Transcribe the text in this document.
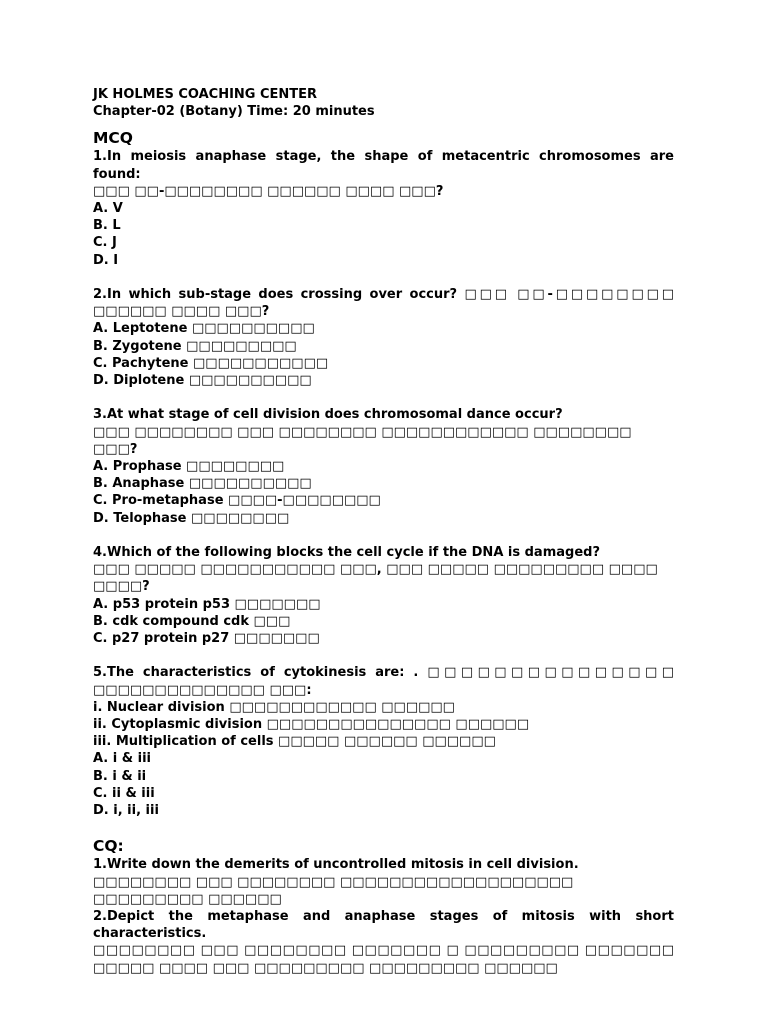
JK HOLMES COACHING CENTER
Chapter-02 (Botany) Time: 20 minutes
MCQ
1.In meiosis anaphase stage, the shape of metacentric chromosomes are found:
□□□ □□-□□□□□□□□ □□□□□□ □□□□ □□□?
A. V
B. L
C. J
D. I
2.In which sub-stage does crossing over occur? □□□ □□-□□□□□□□□ □□□□□□ □□□□ □□□?
A. Leptotene □□□□□□□□□□
B. Zygotene □□□□□□□□□
C. Pachytene □□□□□□□□□□□
D. Diplotene □□□□□□□□□□
3.At what stage of cell division does chromosomal dance occur?
□□□ □□□□□□□□ □□□ □□□□□□□□ □□□□□□□□□□□□ □□□□□□□□ □□□?
A. Prophase □□□□□□□□
B. Anaphase □□□□□□□□□□
C. Pro-metaphase □□□□-□□□□□□□□
D. Telophase □□□□□□□□
4.Which of the following blocks the cell cycle if the DNA is damaged?
□□□ □□□□□ □□□□□□□□□□□ □□□, □□□ □□□□□ □□□□□□□□□ □□□□ □□□□?
A. p53 protein p53 □□□□□□□
B. cdk compound cdk □□□
C. p27 protein p27 □□□□□□□
5.The characteristics of cytokinesis are: . □□□□□□□□□□□□□□□ □□□□□□□□□□□□□□ □□□:
i. Nuclear division □□□□□□□□□□□□ □□□□□□
ii. Cytoplasmic division □□□□□□□□□□□□□□□ □□□□□□
iii. Multiplication of cells □□□□□ □□□□□□ □□□□□□
A. i & iii
B. i & ii
C. ii & iii
D. i, ii, iii
CQ:
1.Write down the demerits of uncontrolled mitosis in cell division.
□□□□□□□□ □□□ □□□□□□□□ □□□□□□□□□□□□□□□□□□□ □□□□□□□□□ □□□□□□
2.Depict the metaphase and anaphase stages of mitosis with short characteristics.
□□□□□□□□ □□□ □□□□□□□□ □□□□□□□ □ □□□□□□□□□ □□□□□□□ □□□□□ □□□□ □□□ □□□□□□□□□ □□□□□□□□□ □□□□□□
